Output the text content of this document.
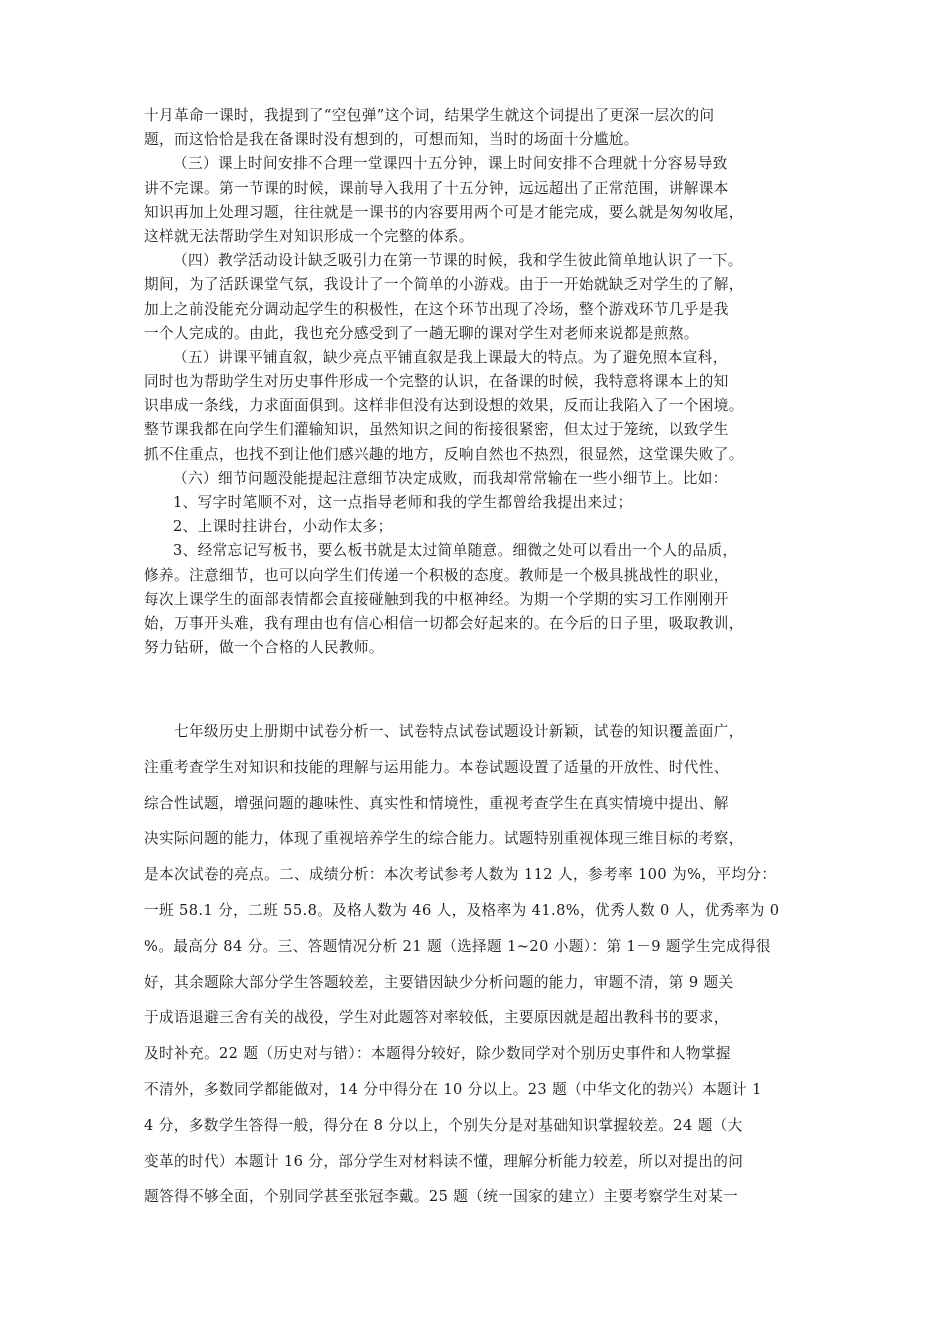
十月革命一课时，我提到了“空包弹”这个词，结果学生就这个词提出了更深一层次的问
题，而这恰恰是我在备课时没有想到的，可想而知，当时的场面十分尴尬。
（三）课上时间安排不合理一堂课四十五分钟，课上时间安排不合理就十分容易导致
讲不完课。第一节课的时候，课前导入我用了十五分钟，远远超出了正常范围，讲解课本
知识再加上处理习题，往往就是一课书的内容要用两个可是才能完成，要么就是匆匆收尾，
这样就无法帮助学生对知识形成一个完整的体系。
（四）教学活动设计缺乏吸引力在第一节课的时候，我和学生彼此简单地认识了一下。
期间，为了活跃课堂气氛，我设计了一个简单的小游戏。由于一开始就缺乏对学生的了解，
加上之前没能充分调动起学生的积极性，在这个环节出现了冷场，整个游戏环节几乎是我
一个人完成的。由此，我也充分感受到了一趟无聊的课对学生对老师来说都是煎熬。
（五）讲课平铺直叙，缺少亮点平铺直叙是我上课最大的特点。为了避免照本宣科，
同时也为帮助学生对历史事件形成一个完整的认识，在备课的时候，我特意将课本上的知
识串成一条线，力求面面俱到。这样非但没有达到设想的效果，反而让我陷入了一个困境。
整节课我都在向学生们灌输知识，虽然知识之间的衔接很紧密，但太过于笼统，以致学生
抓不住重点，也找不到让他们感兴趣的地方，反响自然也不热烈，很显然，这堂课失败了。
（六）细节问题没能提起注意细节决定成败，而我却常常输在一些小细节上。比如：
1、写字时笔顺不对，这一点指导老师和我的学生都曾给我提出来过；
2、上课时拄讲台，小动作太多；
3、经常忘记写板书，要么板书就是太过简单随意。细微之处可以看出一个人的品质，
修养。注意细节，也可以向学生们传递一个积极的态度。教师是一个极具挑战性的职业，
每次上课学生的面部表情都会直接碰触到我的中枢神经。为期一个学期的实习工作刚刚开
始，万事开头难，我有理由也有信心相信一切都会好起来的。在今后的日子里，吸取教训，
努力钻研，做一个合格的人民教师。
七年级历史上册期中试卷分析一、试卷特点试卷试题设计新颖，试卷的知识覆盖面广，
注重考查学生对知识和技能的理解与运用能力。本卷试题设置了适量的开放性、时代性、
综合性试题，增强问题的趣味性、真实性和情境性，重视考查学生在真实情境中提出、解
决实际问题的能力，体现了重视培养学生的综合能力。试题特别重视体现三维目标的考察，
是本次试卷的亮点。二、成绩分析：本次考试参考人数为 112 人，参考率 100 为%，平均分：
一班 58.1 分，二班 55.8。及格人数为 46 人，及格率为 41.8%，优秀人数 0 人，优秀率为 0
%。最高分 84 分。三、答题情况分析 21 题（选择题 1~20 小题）：第 1－9 题学生完成得很
好，其余题除大部分学生答题较差，主要错因缺少分析问题的能力，审题不清，第 9 题关
于成语退避三舍有关的战役，学生对此题答对率较低，主要原因就是超出教科书的要求，
及时补充。22 题（历史对与错）：本题得分较好，除少数同学对个别历史事件和人物掌握
不清外，多数同学都能做对，14 分中得分在 10 分以上。23 题（中华文化的勃兴）本题计 1
4 分，多数学生答得一般，得分在 8 分以上，个别失分是对基础知识掌握较差。24 题（大
变革的时代）本题计 16 分，部分学生对材料读不懂，理解分析能力较差，所以对提出的问
题答得不够全面，个别同学甚至张冠李戴。25 题（统一国家的建立）主要考察学生对某一
